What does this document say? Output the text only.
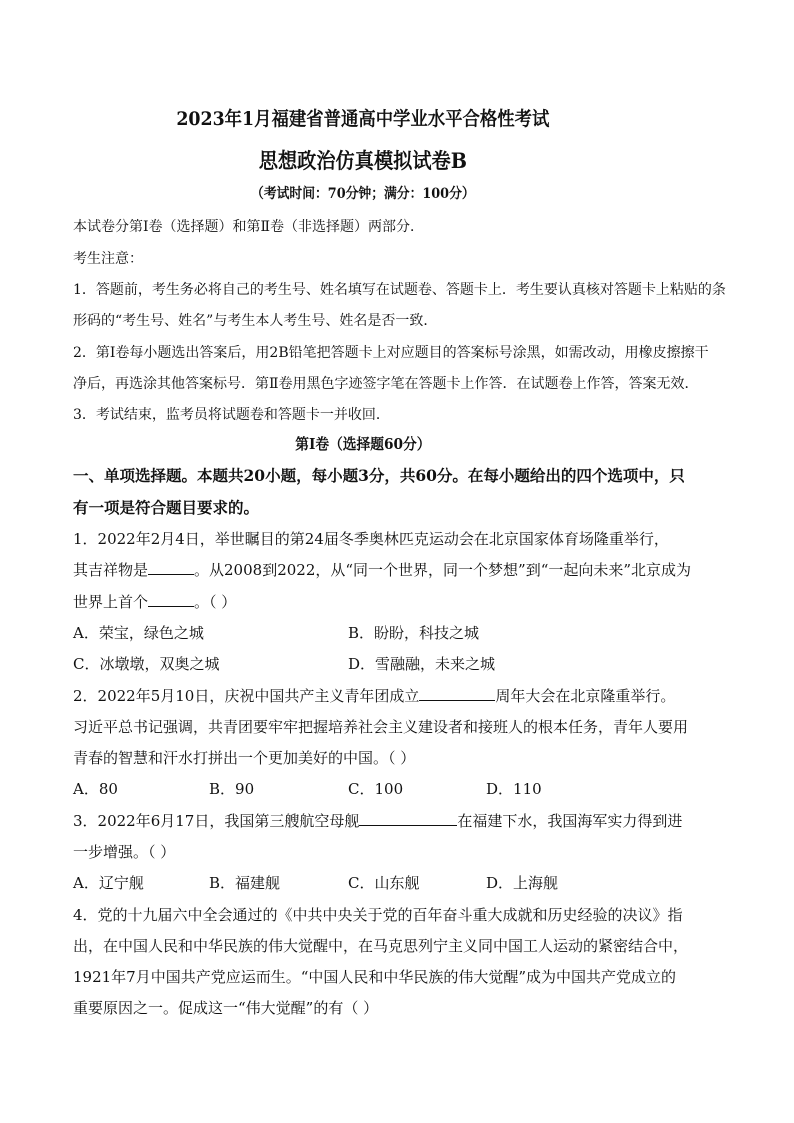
2023年1月福建省普通高中学业水平合格性考试
思想政治仿真模拟试卷B
（考试时间：70分钟；满分：100分）
本试卷分第Ⅰ卷（选择题）和第Ⅱ卷（非选择题）两部分．
考生注意：
1．答题前，考生务必将自己的考生号、姓名填写在试题卷、答题卡上．考生要认真核对答题卡上粘贴的条
形码的“考生号、姓名”与考生本人考生号、姓名是否一致．
2．第Ⅰ卷每小题选出答案后，用2B铅笔把答题卡上对应题目的答案标号涂黑，如需改动，用橡皮擦擦干
净后，再选涂其他答案标号．第Ⅱ卷用黑色字迹签字笔在答题卡上作答．在试题卷上作答，答案无效．
3．考试结束，监考员将试题卷和答题卡一并收回．
第Ⅰ卷（选择题60分）
一、单项选择题。本题共20小题，每小题3分，共60分。在每小题给出的四个选项中，只
有一项是符合题目要求的。
1．2022年2月4日，举世瞩目的第24届冬季奥林匹克运动会在北京国家体育场隆重举行，
其吉祥物是	。从2008到2022，从“同一个世界，同一个梦想”到“一起向未来”北京成为
世界上首个	。（ ）
A．荣宝，绿色之城	B．盼盼，科技之城
C．冰墩墩，双奥之城	D．雪融融，未来之城
2．2022年5月10日，庆祝中国共产主义青年团成立	周年大会在北京隆重举行。
习近平总书记强调，共青团要牢牢把握培养社会主义建设者和接班人的根本任务，青年人要用
青春的智慧和汗水打拼出一个更加美好的中国。（ ）
A．80	B．90	C．100	D．110
3．2022年6月17日，我国第三艘航空母舰	在福建下水，我国海军实力得到进
一步增强。（ ）
A．辽宁舰	B．福建舰	C．山东舰	D．上海舰
4．党的十九届六中全会通过的《中共中央关于党的百年奋斗重大成就和历史经验的决议》指
出，在中国人民和中华民族的伟大觉醒中，在马克思列宁主义同中国工人运动的紧密结合中，
1921年7月中国共产党应运而生。“中国人民和中华民族的伟大觉醒”成为中国共产党成立的
重要原因之一。促成这一“伟大觉醒”的有（ ）
